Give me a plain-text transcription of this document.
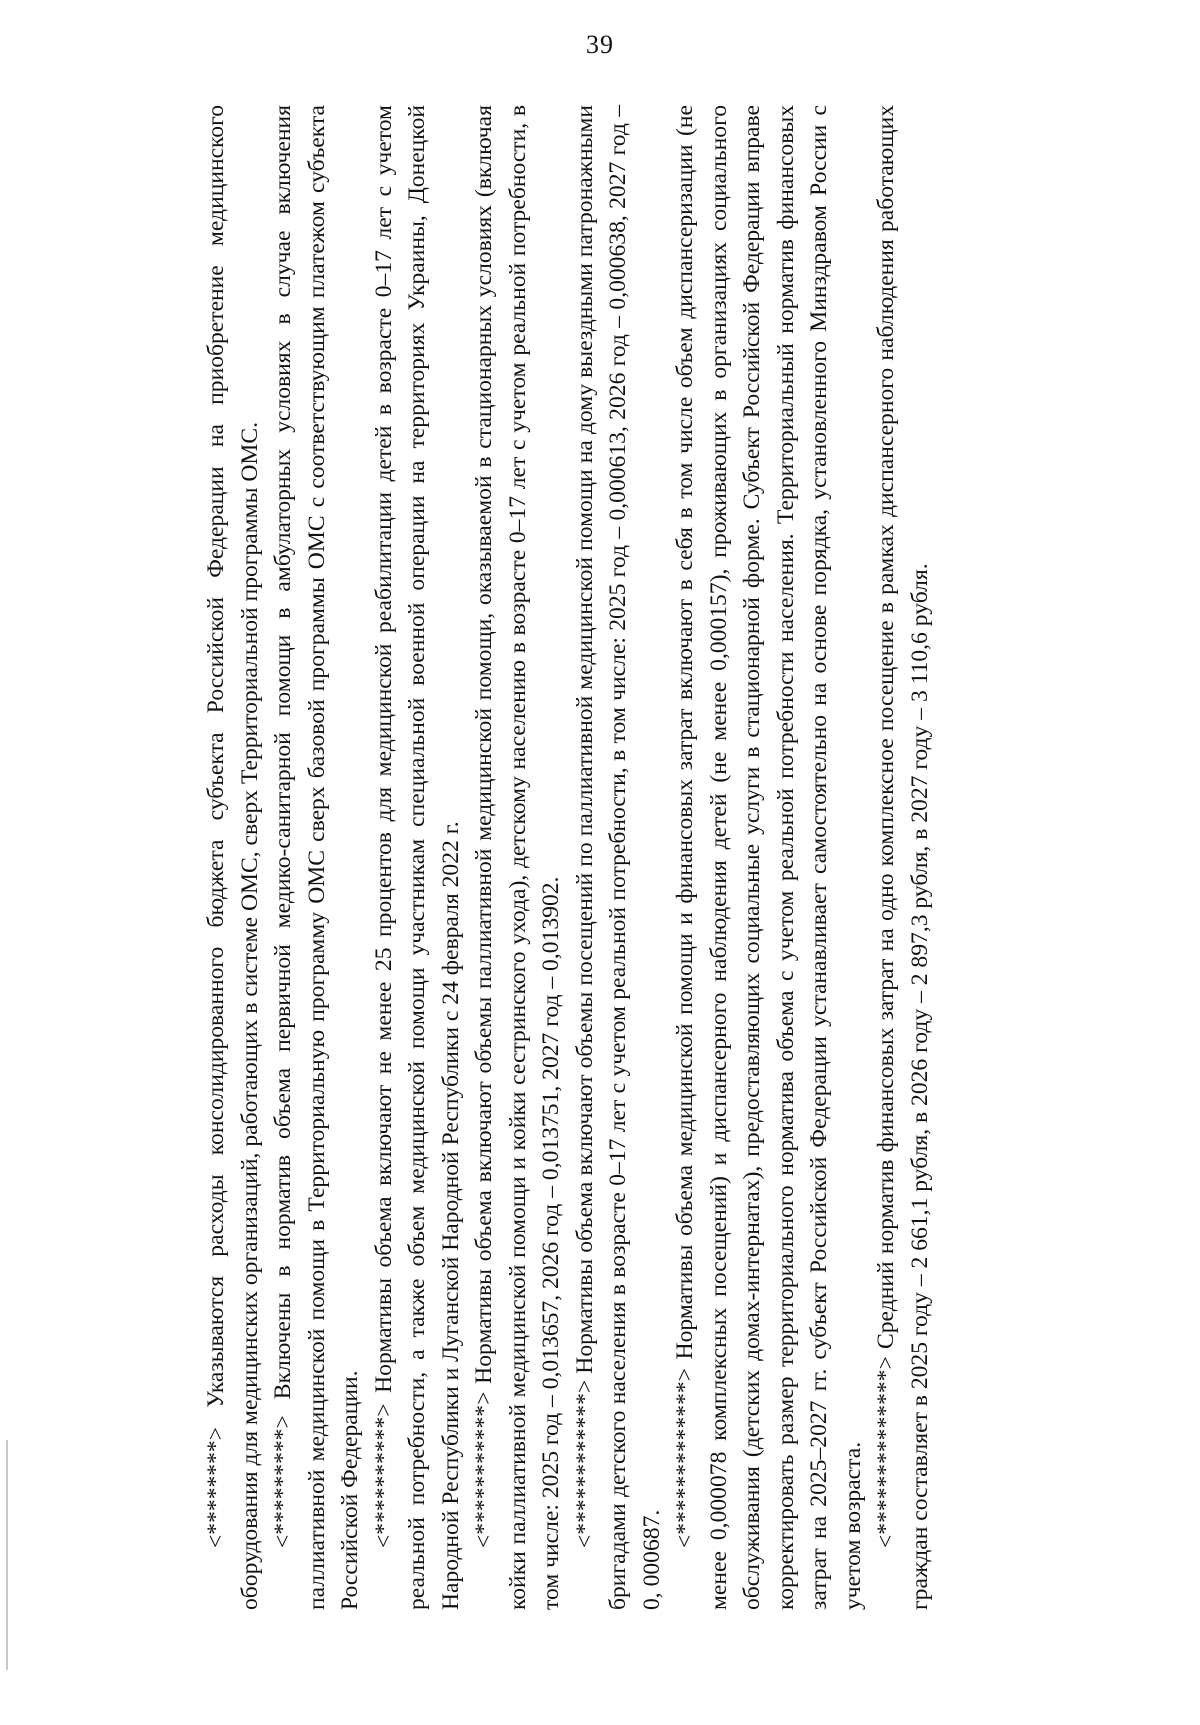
39

<********> Указываются расходы консолидированного бюджета субъекта Российской Федерации на приобретение медицинского оборудования для медицинских организаций, работающих в системе ОМС, сверх Территориальной программы ОМС. <*********> Включены в норматив объема первичной медико-санитарной помощи в амбулаторных условиях в случае включения паллиативной медицинской помощи в Территориальную программу ОМС сверх базовой программы ОМС с соответствующим платежом субъекта Российской Федерации. <**********> Нормативы объема включают не менее 25 процентов для медицинской реабилитации детей в возрасте 0–17 лет с учетом реальной потребности, а также объем медицинской помощи участникам специальной военной операции на территориях Украины, Донецкой Народной Республики и Луганской Народной Республики с 24 февраля 2022 г. <***********> Нормативы объема включают объемы паллиативной медицинской помощи, оказываемой в стационарных условиях (включая койки паллиативной медицинской помощи и койки сестринского ухода), детскому населению в возрасте 0–17 лет с учетом реальной потребности, в том числе: 2025 год – 0,013657, 2026 год – 0,013751, 2027 год – 0,013902. <************> Нормативы объема включают объемы посещений по паллиативной медицинской помощи на дому выездными патронажными бригадами детского населения в возрасте 0–17 лет с учетом реальной потребности, в том числе: 2025 год – 0,000613, 2026 год – 0,000638, 2027 год – 0, 000687.

<*************> Нормативы объема медицинской помощи и финансовых затрат включают в себя в том числе объем диспансеризации (не менее 0,000078 комплексных посещений) и диспансерного наблюдения детей (не менее 0,000157), проживающих в организациях социального обслуживания (детских домах-интернатах), предоставляющих социальные услуги в стационарной форме. Субъект Российской Федерации вправе корректировать размер территориального норматива объема с учетом реальной потребности населения. Территориальный норматив финансовых затрат на 2025–2027 гг. субъект Российской Федерации устанавливает самостоятельно на основе порядка, установленного Минздравом России с учетом возраста. <**************> Средний норматив финансовых затрат на одно комплексное посещение в рамках диспансерного наблюдения работающих граждан составляет в 2025 году – 2 661,1 рубля, в 2026 году – 2 897,3 рубля, в 2027 году – 3 110,6 рубля.
